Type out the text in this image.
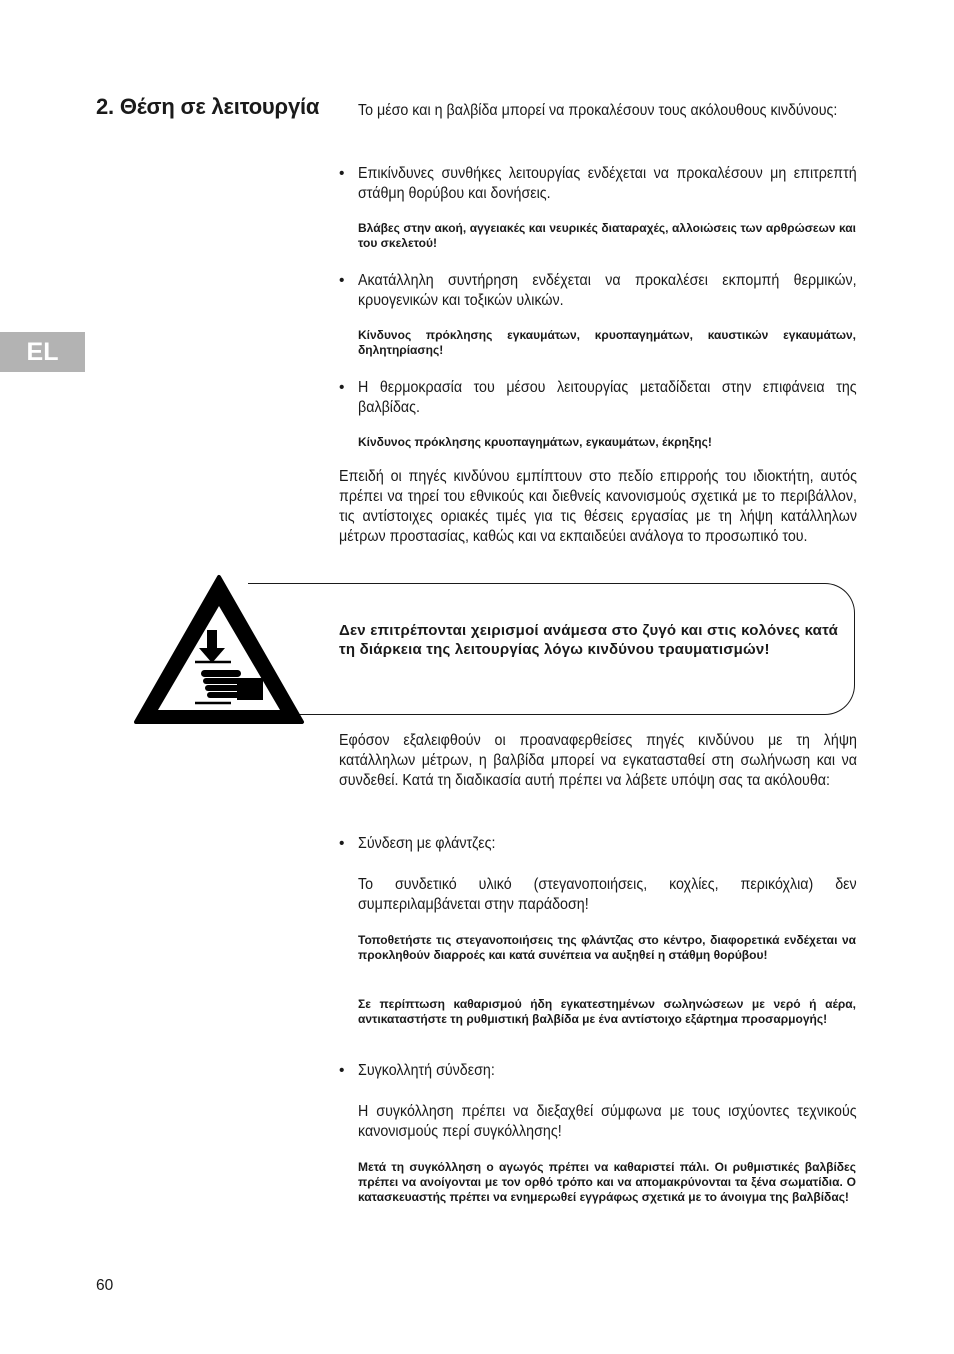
2. Θέση σε λειτουργία
EL
Το μέσο και η βαλβίδα μπορεί να προκαλέσουν τους ακόλουθους κινδύνους:
• Επικίνδυνες συνθήκες λειτουργίας ενδέχεται να προκαλέσουν μη επιτρεπτή στάθμη θορύβου και δονήσεις.
Βλάβες στην ακοή, αγγειακές και νευρικές διαταραχές, αλλοιώσεις των αρθρώσεων και του σκελετού!
• Ακατάλληλη συντήρηση ενδέχεται να προκαλέσει εκπομπή θερμικών, κρυογενικών και τοξικών υλικών.
Κίνδυνος πρόκλησης εγκαυμάτων, κρυοπαγημάτων, καυστικών εγκαυμάτων, δηλητηρίασης!
• Η θερμοκρασία του μέσου λειτουργίας μεταδίδεται στην επιφάνεια της βαλβίδας.
Κίνδυνος πρόκλησης κρυοπαγημάτων, εγκαυμάτων, έκρηξης!
Επειδή οι πηγές κινδύνου εμπίπτουν στο πεδίο επιρροής του ιδιοκτήτη, αυτός πρέπει να τηρεί του εθνικούς και διεθνείς κανονισμούς σχετικά με το περιβάλλον, τις αντίστοιχες οριακές τιμές για τις θέσεις εργασίας με τη λήψη κατάλληλων μέτρων προστασίας, καθώς και να εκπαιδεύει ανάλογα το προσωπικό του.
Δεν επιτρέπονται χειρισμοί ανάμεσα στο ζυγό και στις κολόνες κατά τη διάρκεια της λειτουργίας λόγω κινδύνου τραυματισμών!
Εφόσον εξαλειφθούν οι προαναφερθείσες πηγές κινδύνου με τη λήψη κατάλληλων μέτρων, η βαλβίδα μπορεί να εγκατασταθεί στη σωλήνωση και να συνδεθεί. Κατά τη διαδικασία αυτή πρέπει να λάβετε υπόψη σας τα ακόλουθα:
• Σύνδεση με φλάντζες:
Το συνδετικό υλικό (στεγανοποιήσεις, κοχλίες, περικόχλια) δεν συμπεριλαμβάνεται στην παράδοση!
Τοποθετήστε τις στεγανοποιήσεις της φλάντζας στο κέντρο, διαφορετικά ενδέχεται να προκληθούν διαρροές και κατά συνέπεια να αυξηθεί η στάθμη θορύβου!
Σε περίπτωση καθαρισμού ήδη εγκατεστημένων σωληνώσεων με νερό ή αέρα, αντικαταστήστε τη ρυθμιστική βαλβίδα με ένα αντίστοιχο εξάρτημα προσαρμογής!
• Συγκολλητή σύνδεση:
Η συγκόλληση πρέπει να διεξαχθεί σύμφωνα με τους ισχύοντες τεχνικούς κανονισμούς περί συγκόλλησης!
Μετά τη συγκόλληση ο αγωγός πρέπει να καθαριστεί πάλι. Οι ρυθμιστικές βαλβίδες πρέπει να ανοίγονται με τον ορθό τρόπο και να απομακρύνονται τα ξένα σωματίδια. Ο κατασκευαστής πρέπει να ενημερωθεί εγγράφως σχετικά με το άνοιγμα της βαλβίδας!
60
